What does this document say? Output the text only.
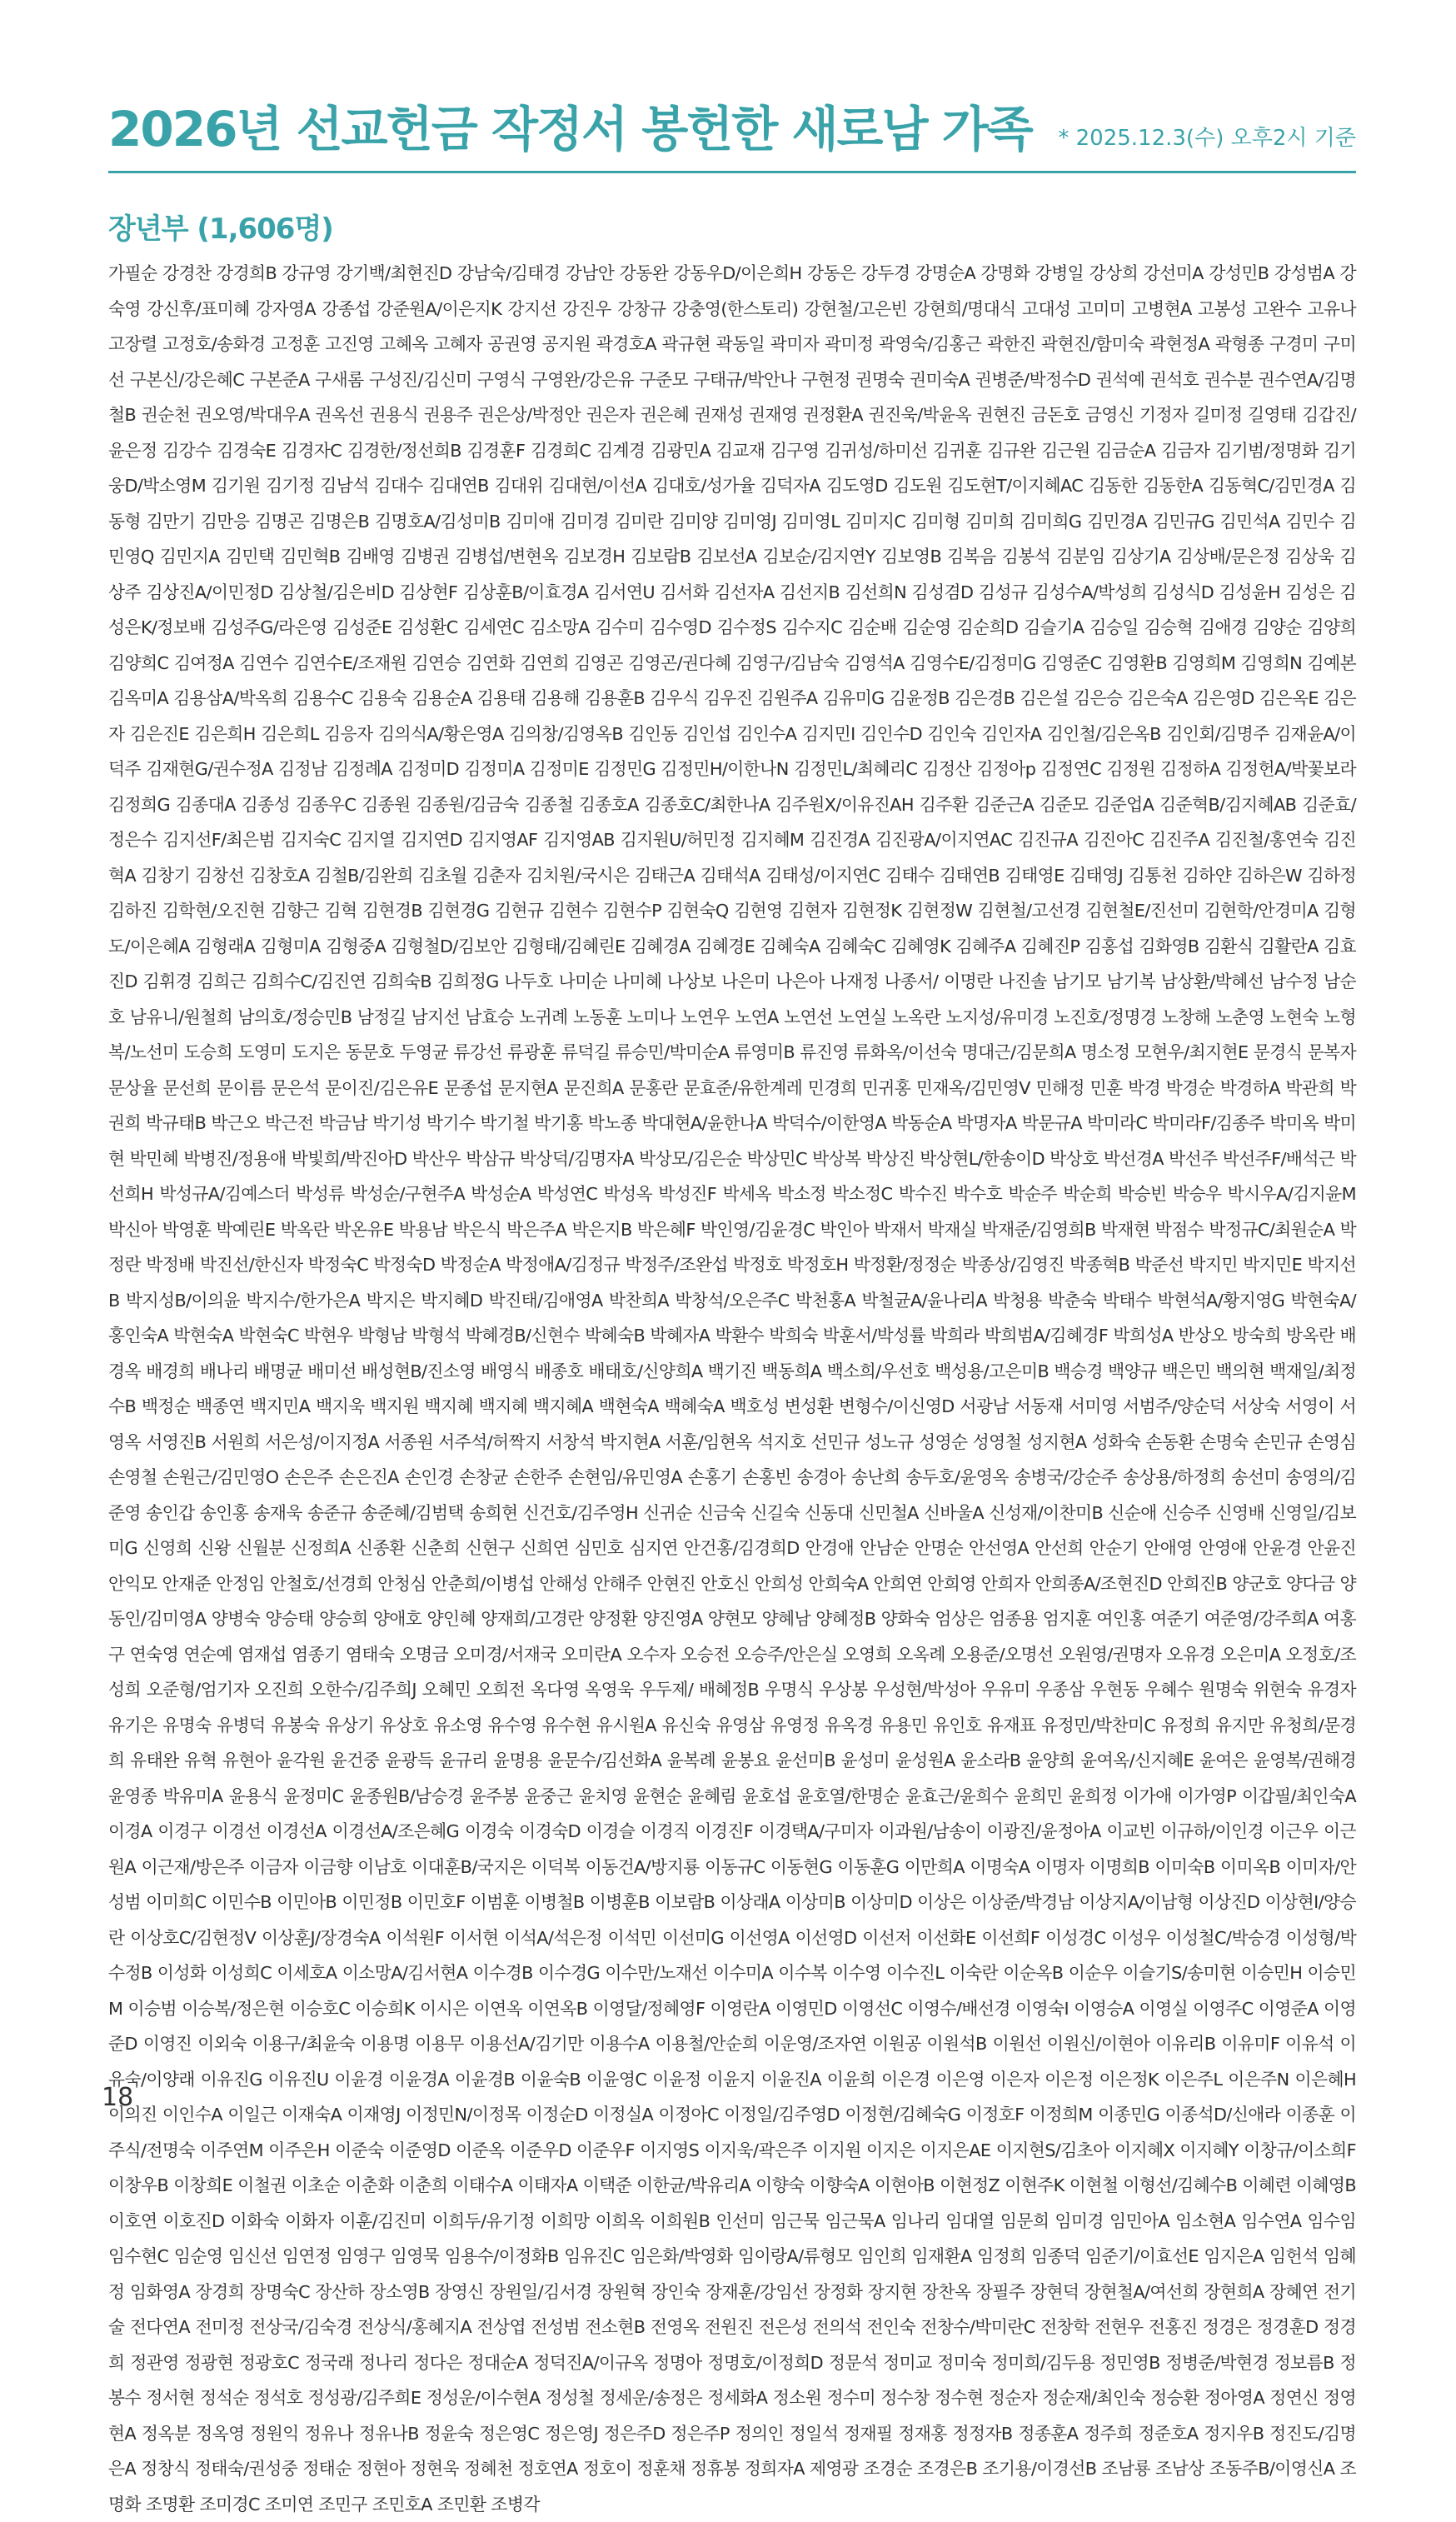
2026년 선교헌금 작정서 봉헌한 새로남 가족 * 2025.12.3(수) 오후2시 기준
장년부 (1,606명)

가필순 강경찬 강경희B 강규영 강기백/최현진D 강남숙/김태경 강남안 강동완 강동우D/이은희H 강동은 강두경 강명순A 강명화 강병일 강상희 강선미A 강성민B 강성범A 강숙영 강신후/표미혜 강자영A 강종섭 강준원A/이은지K 강지선 강진우 강창규 강충영(한스토리) 강현철/고은빈 강현희/명대식 고대성 고미미 고병현A 고봉성 고완수 고유나 고장렬 고정호/송화경 고정훈 고진영 고혜옥 고혜자 공권영 공지원 곽경호A 곽규현 곽동일 곽미자 곽미정 곽영숙/김홍근 곽한진 곽현진/함미숙 곽현정A 곽형종 구경미 구미선 구본신/강은혜C 구본준A 구새롬 구성진/김신미 구영식 구영완/강은유 구준모 구태규/박안나 구현정 권명숙 권미숙A 권병준/박정수D 권석예 권석호 권수분 권수연A/김명철B 권순천 권오영/박대우A 권옥선 권용식 권용주 권은상/박정안 권은자 권은혜 권재성 권재영 권정환A 권진욱/박윤옥 권현진 금돈호 금영신 기정자 길미정 길영태 김갑진/윤은정 김강수 김경숙E 김경자C 김경한/정선희B 김경훈F 김경희C 김계경 김광민A 김교재 김구영 김귀성/하미선 김귀훈 김규완 김근원 김금순A 김금자 김기범/정명화 김기웅D/박소영M 김기원 김기정 김남석 김대수 김대연B 김대위 김대현/이선A 김대호/성가율 김덕자A 김도영D 김도원 김도현T/이지혜AC 김동한 김동한A 김동혁C/김민경A 김동형 김만기 김만응 김명곤 김명은B 김명호A/김성미B 김미애 김미경 김미란 김미양 김미영J 김미영L 김미지C 김미형 김미희 김미희G 김민경A 김민규G 김민석A 김민수 김민영Q 김민지A 김민택 김민혁B 김배영 김병권 김병섭/변현옥 김보경H 김보람B 김보선A 김보순/김지연Y 김보영B 김복음 김봉석 김분임 김상기A 김상배/문은정 김상욱 김상주 김상진A/이민정D 김상철/김은비D 김상현F 김상훈B/이효경A 김서연U 김서화 김선자A 김선지B 김선희N 김성겸D 김성규 김성수A/박성희 김성식D 김성윤H 김성은 김성은K/정보배 김성주G/라은영 김성준E 김성환C 김세연C 김소망A 김수미 김수영D 김수정S 김수지C 김순배 김순영 김순희D 김슬기A 김승일 김승혁 김애경 김양순 김양희 김양희C 김여정A 김연수 김연수E/조재원 김연승 김연화 김연희 김영곤 김영곤/권다혜 김영구/김남숙 김영석A 김영수E/김정미G 김영준C 김영환B 김영희M 김영희N 김예본 김옥미A 김용삼A/박옥희 김용수C 김용숙 김용순A 김용태 김용해 김용훈B 김우식 김우진 김원주A 김유미G 김윤정B 김은경B 김은설 김은승 김은숙A 김은영D 김은옥E 김은자 김은진E 김은희H 김은희L 김응자 김의식A/황은영A 김의창/김영옥B 김인동 김인섭 김인수A 김지민I 김인수D 김인숙 김인자A 김인철/김은옥B 김인회/김명주 김재윤A/이덕주 김재현G/권수정A 김정남 김정례A 김정미D 김정미A 김정미E 김정민G 김정민H/이한나N 김정민L/최혜리C 김정산 김정아p 김정연C 김정원 김정하A 김정헌A/박꽃보라 김정희G 김종대A 김종성 김종우C 김종원 김종원/김금숙 김종철 김종호A 김종호C/최한나A 김주원X/이유진AH 김주환 김준근A 김준모 김준업A 김준혁B/김지혜AB 김준효/정은수 김지선F/최은범 김지숙C 김지열 김지연D 김지영AF 김지영AB 김지원U/허민정 김지혜M 김진경A 김진광A/이지연AC 김진규A 김진아C 김진주A 김진철/홍연숙 김진혁A 김창기 김창선 김창호A 김철B/김완희 김초월 김춘자 김치원/국시은 김태근A 김태석A 김태성/이지연C 김태수 김태연B 김태영E 김태영J 김통천 김하얀 김하은W 김하정 김하진 김학현/오진현 김향근 김혁 김현경B 김현경G 김현규 김현수 김현수P 김현숙Q 김현영 김현자 김현정K 김현정W 김현철/고선경 김현철E/진선미 김현학/안경미A 김형도/이은혜A 김형래A 김형미A 김형중A 김형철D/김보안 김형태/김혜린E 김혜경A 김혜경E 김혜숙A 김혜숙C 김혜영K 김혜주A 김혜진P 김홍섭 김화영B 김환식 김활란A 김효진D 김휘경 김희근 김희수C/김진연 김희숙B 김희정G 나두호 나미순 나미혜 나상보 나은미 나은아 나재정 나종서/ 이명란 나진솔 남기모 남기복 남상환/박혜선 남수정 남순호 남유니/원철희 남의호/정승민B 남정길 남지선 남효승 노귀례 노동훈 노미나 노연우 노연A 노연선 노연실 노옥란 노지성/유미경 노진호/정명경 노창해 노춘영 노현숙 노형복/노선미 도승희 도영미 도지은 동문호 두영균 류강선 류광훈 류덕길 류승민/박미순A 류영미B 류진영 류화옥/이선숙 명대근/김문희A 명소정 모현우/최지현E 문경식 문복자 문상율 문선희 문이름 문은석 문이진/김은유E 문종섭 문지현A 문진희A 문홍란 문효준/유한계레 민경희 민귀홍 민재옥/김민영V 민해정 민훈 박경 박경순 박경하A 박관희 박권희 박규태B 박근오 박근전 박금남 박기성 박기수 박기철 박기홍 박노종 박대현A/윤한나A 박덕수/이한영A 박동순A 박명자A 박문규A 박미라C 박미라F/김종주 박미옥 박미현 박민혜 박병진/정용애 박빛희/박진아D 박산우 박삼규 박상덕/김명자A 박상모/김은순 박상민C 박상복 박상진 박상현L/한송이D 박상호 박선경A 박선주 박선주F/배석근 박선희H 박성규A/김예스더 박성류 박성순/구현주A 박성순A 박성연C 박성옥 박성진F 박세옥 박소정 박소정C 박수진 박수호 박순주 박순희 박승빈 박승우 박시우A/김지윤M 박신아 박영훈 박예린E 박옥란 박온유E 박용남 박은식 박은주A 박은지B 박은혜F 박인영/김윤경C 박인아 박재서 박재실 박재준/김영희B 박재현 박점수 박정규C/최원순A 박정란 박정배 박진선/한신자 박정숙C 박정숙D 박정순A 박정애A/김정규 박정주/조완섭 박정호 박정호H 박정환/정정순 박종상/김영진 박종혁B 박준선 박지민 박지민E 박지선B 박지성B/이의윤 박지수/한가은A 박지은 박지혜D 박진태/김애영A 박찬희A 박창석/오은주C 박천홍A 박철균A/윤나리A 박청용 박춘숙 박태수 박현석A/황지영G 박현숙A/홍인숙A 박현숙A 박현숙C 박현우 박형남 박형석 박혜경B/신현수 박혜숙B 박혜자A 박환수 박희숙 박훈서/박성률 박희라 박희범A/김혜경F 박희성A 반상오 방숙희 방옥란 배경옥 배경희 배나리 배명균 배미선 배성현B/진소영 배영식 배종호 배태호/신양희A 백기진 백동희A 백소희/우선호 백성용/고은미B 백승경 백양규 백은민 백의현 백재일/최정수B 백정순 백종연 백지민A 백지욱 백지원 백지혜 백지혜 백지혜A 백현숙A 백혜숙A 백호성 변성환 변형수/이신영D 서광남 서동재 서미영 서범주/양순덕 서상숙 서영이 서영옥 서영진B 서원희 서은성/이지정A 서종원 서주석/허짝지 서창석 박지현A 서훈/임현옥 석지호 선민규 성노규 성영순 성영철 성지현A 성화숙 손동환 손명숙 손민규 손영심 손영철 손원근/김민영O 손은주 손은진A 손인경 손창균 손한주 손현임/유민영A 손홍기 손홍빈 송경아 송난희 송두호/윤영옥 송병국/강순주 송상용/하정희 송선미 송영의/김준영 송인갑 송인홍 송재욱 송준규 송준혜/김범택 송희현 신건호/김주영H 신귀순 신금숙 신길숙 신동대 신민철A 신바울A 신성재/이찬미B 신순애 신승주 신영배 신영일/김보미G 신영희 신왕 신월분 신정희A 신종환 신춘희 신현구 신희연 심민호 심지연 안건홍/김경희D 안경애 안남순 안명순 안선영A 안선희 안순기 안애영 안영애 안윤경 안윤진 안익모 안재준 안정임 안철호/선경희 안청심 안춘희/이병섭 안해성 안해주 안현진 안호신 안희성 안희숙A 안희연 안희영 안희자 안희종A/조현진D 안희진B 양군호 양다금 양동인/김미영A 양병숙 양승태 양승희 양애호 양인혜 양재희/고경란 양정환 양진영A 양현모 양혜남 양혜정B 양화숙 엄상은 엄종용 엄지훈 여인홍 여준기 여준영/강주희A 여홍구 연숙영 연순예 염재섭 염종기 염태숙 오명금 오미경/서재국 오미란A 오수자 오승전 오승주/안은실 오영희 오옥례 오용준/오명선 오원영/권명자 오유경 오은미A 오정호/조성희 오준형/엄기자 오진희 오한수/김주희J 오혜민 오희전 옥다영 옥영욱 우두제/ 배혜정B 우명식 우상봉 우성현/박성아 우유미 우종삼 우현동 우혜수 원명숙 위현숙 유경자 유기은 유명숙 유병덕 유봉숙 유상기 유상호 유소영 유수영 유수현 유시원A 유신숙 유영삼 유영정 유옥경 유용민 유인호 유재표 유정민/박찬미C 유정희 유지만 유청희/문경희 유태완 유혁 유현아 윤각원 윤건중 윤광득 윤규리 윤명용 윤문수/김선화A 윤복례 윤봉요 윤선미B 윤성미 윤성원A 윤소라B 윤양희 윤여옥/신지혜E 윤여은 윤영복/권해경 윤영종 박유미A 윤용식 윤정미C 윤종원B/남승경 윤주봉 윤중근 윤치영 윤현순 윤혜림 윤호섭 윤호열/한명순 윤효근/윤희수 윤희민 윤희정 이가애 이가영P 이갑필/최인숙A 이경A 이경구 이경선 이경선A 이경선A/조은혜G 이경숙 이경숙D 이경슬 이경직 이경진F 이경택A/구미자 이과원/남송이 이광진/윤정아A 이교빈 이규하/이인경 이근우 이근원A 이근재/방은주 이금자 이금향 이남호 이대훈B/국지은 이덕복 이동건A/방지룡 이동규C 이동현G 이동훈G 이만희A 이명숙A 이명자 이명희B 이미숙B 이미옥B 이미자/안성범 이미희C 이민수B 이민아B 이민정B 이민호F 이범훈 이병철B 이병훈B 이보람B 이상래A 이상미B 이상미D 이상은 이상준/박경남 이상지A/이남형 이상진D 이상현I/양승란 이상호C/김현정V 이상훈J/장경숙A 이석원F 이서현 이석A/석은정 이석민 이선미G 이선영A 이선영D 이선저 이선화E 이선희F 이성경C 이성우 이성철C/박승경 이성형/박수정B 이성화 이성희C 이세호A 이소망A/김서현A 이수경B 이수경G 이수만/노재선 이수미A 이수복 이수영 이수진L 이숙란 이순옥B 이순우 이슬기S/송미현 이승민H 이승민M 이승범 이승복/정은현 이승호C 이승희K 이시은 이연옥 이연옥B 이영달/정혜영F 이영란A 이영민D 이영선C 이영수/배선경 이영숙I 이영승A 이영실 이영주C 이영준A 이영준D 이영진 이외숙 이용구/최윤숙 이용명 이용무 이용선A/김기만 이용수A 이용철/안순희 이운영/조자연 이원공 이원석B 이원선 이원신/이현아 이유리B 이유미F 이유석 이유숙/이양래 이유진G 이유진U 이윤경 이윤경A 이윤경B 이윤숙B 이윤영C 이윤정 이윤지 이윤진A 이윤희 이은경 이은영 이은자 이은정 이은정K 이은주L 이은주N 이은혜H 이의진 이인수A 이일근 이재숙A 이재영J 이정민N/이정목 이정순D 이정실A 이정아C 이정일/김주영D 이정현/김혜숙G 이정호F 이정희M 이종민G 이종석D/신애라 이종훈 이주식/전명숙 이주연M 이주은H 이준숙 이준영D 이준옥 이준우D 이준우F 이지영S 이지욱/곽은주 이지원 이지은 이지은AE 이지현S/김초아 이지혜X 이지혜Y 이창규/이소희F 이창우B 이창희E 이철권 이초순 이춘화 이춘희 이태수A 이태자A 이택준 이한균/박유리A 이향숙 이향숙A 이현아B 이현정Z 이현주K 이현철 이형선/김혜수B 이혜련 이혜영B 이호연 이호진D 이화숙 이화자 이훈/김진미 이희두/유기정 이희망 이희옥 이희원B 인선미 임근묵 임근묵A 임나리 임대열 임문희 임미경 임민아A 임소현A 임수연A 임수임 임수현C 임순영 임신선 임연정 임영구 임영묵 임용수/이정화B 임유진C 임은화/박영화 임이랑A/류형모 임인희 임재환A 임정희 임종덕 임준기/이효선E 임지은A 임헌석 임혜정 임화영A 장경희 장명숙C 장산하 장소영B 장영신 장원일/김서경 장원혁 장인숙 장재훈/강임선 장정화 장지현 장찬옥 장필주 장현덕 장현철A/여선희 장현희A 장혜연 전기술 전다연A 전미정 전상국/김숙경 전상식/홍혜지A 전상엽 전성범 전소현B 전영옥 전원진 전은성 전의석 전인숙 전창수/박미란C 전창학 전현우 전홍진 정경은 정경훈D 정경희 정관영 정광현 정광호C 정국래 정나리 정다은 정대순A 정덕진A/이규옥 정명아 정명호/이정희D 정문석 정미교 정미숙 정미희/김두용 정민영B 정병준/박현경 정보름B 정봉수 정서현 정석순 정석호 정성광/김주희E 정성운/이수현A 정성철 정세운/송정은 정세화A 정소원 정수미 정수창 정수현 정순자 정순재/최인숙 정승환 정아영A 정연신 정영현A 정옥분 정옥영 정원익 정유나 정유나B 정윤숙 정은영C 정은영J 정은주D 정은주P 정의인 정일석 정재필 정재홍 정정자B 정종훈A 정주희 정준호A 정지우B 정진도/김명은A 정창식 정태숙/권성중 정태순 정현아 정현욱 정혜천 정호연A 정호이 정훈채 정휴봉 정희자A 제영광 조경순 조경은B 조기용/이경선B 조남룡 조남상 조동주B/이영신A 조명화 조명환 조미경C 조미연 조민구 조민호A 조민환 조병각

18
